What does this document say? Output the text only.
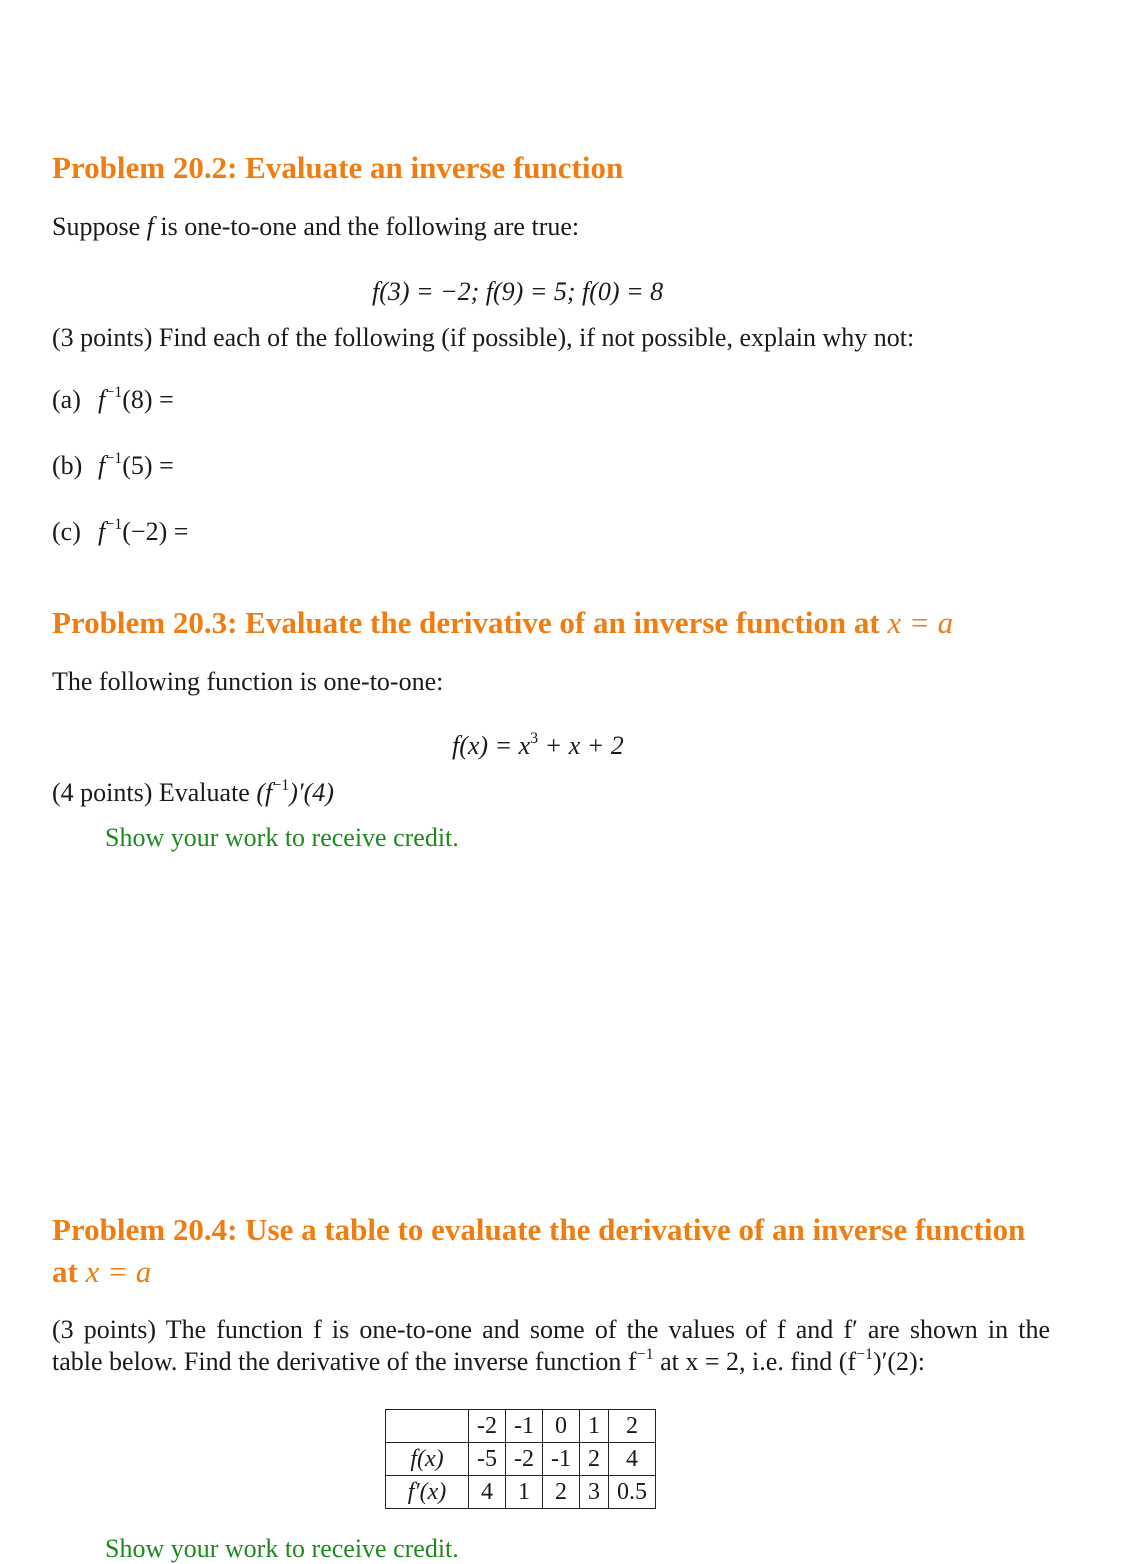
Problem 20.2: Evaluate an inverse function
Suppose f is one-to-one and the following are true:
f(3) = −2; f(9) = 5; f(0) = 8
(3 points) Find each of the following (if possible), if not possible, explain why not:
(a) $f^{-1}(8)$ =
(b) $f^{-1}(5)$ =
(c) $f^{-1}(-2)$ =
Problem 20.3: Evaluate the derivative of an inverse function at x = a
The following function is one-to-one:
$f(x) = x^3 + x + 2$
(4 points) Evaluate $(f^{-1})'(4)$
Show your work to receive credit.
Problem 20.4: Use a table to evaluate the derivative of an inverse function
at x = a
(3 points) The function f is one-to-one and some of the values of f and f′ are shown in the
table below. Find the derivative of the inverse function $f^{-1}$ at x = 2, i.e. find $(f^{-1})'(2)$:
	-2	-1	0	1	2
f(x)	-5	-2	-1	2	4
f′(x)	4	1	2	3	0.5
Show your work to receive credit.
